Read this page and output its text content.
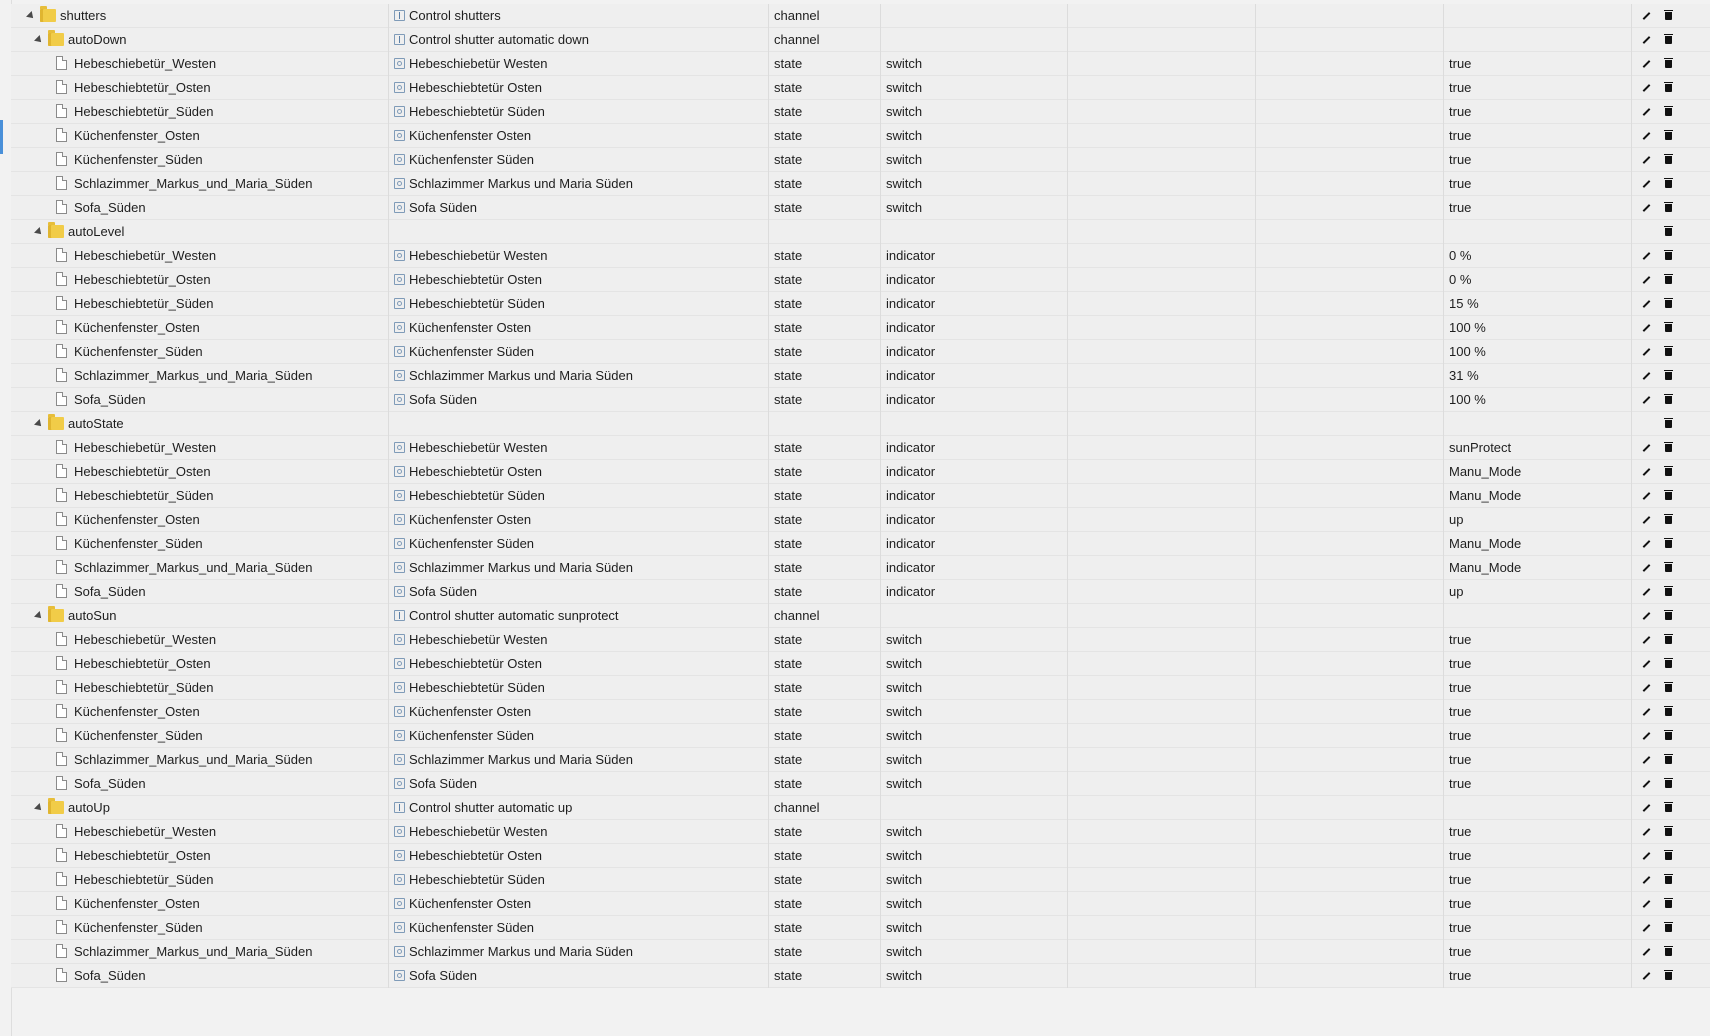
shutters	Control shutters	channel
autoDown	Control shutter automatic down	channel
Hebeschiebetür_Westen	Hebeschiebetür Westen	state	switch	true
Hebeschiebtetür_Osten	Hebeschiebtetür Osten	state	switch	true
Hebeschiebtetür_Süden	Hebeschiebtetür Süden	state	switch	true
Küchenfenster_Osten	Küchenfenster Osten	state	switch	true
Küchenfenster_Süden	Küchenfenster Süden	state	switch	true
Schlazimmer_Markus_und_Maria_Süden	Schlazimmer Markus und Maria Süden	state	switch	true
Sofa_Süden	Sofa Süden	state	switch	true
autoLevel
Hebeschiebetür_Westen	Hebeschiebetür Westen	state	indicator	0 %
Hebeschiebtetür_Osten	Hebeschiebtetür Osten	state	indicator	0 %
Hebeschiebtetür_Süden	Hebeschiebtetür Süden	state	indicator	15 %
Küchenfenster_Osten	Küchenfenster Osten	state	indicator	100 %
Küchenfenster_Süden	Küchenfenster Süden	state	indicator	100 %
Schlazimmer_Markus_und_Maria_Süden	Schlazimmer Markus und Maria Süden	state	indicator	31 %
Sofa_Süden	Sofa Süden	state	indicator	100 %
autoState
Hebeschiebetür_Westen	Hebeschiebetür Westen	state	indicator	sunProtect
Hebeschiebtetür_Osten	Hebeschiebtetür Osten	state	indicator	Manu_Mode
Hebeschiebtetür_Süden	Hebeschiebtetür Süden	state	indicator	Manu_Mode
Küchenfenster_Osten	Küchenfenster Osten	state	indicator	up
Küchenfenster_Süden	Küchenfenster Süden	state	indicator	Manu_Mode
Schlazimmer_Markus_und_Maria_Süden	Schlazimmer Markus und Maria Süden	state	indicator	Manu_Mode
Sofa_Süden	Sofa Süden	state	indicator	up
autoSun	Control shutter automatic sunprotect	channel
Hebeschiebetür_Westen	Hebeschiebetür Westen	state	switch	true
Hebeschiebtetür_Osten	Hebeschiebtetür Osten	state	switch	true
Hebeschiebtetür_Süden	Hebeschiebtetür Süden	state	switch	true
Küchenfenster_Osten	Küchenfenster Osten	state	switch	true
Küchenfenster_Süden	Küchenfenster Süden	state	switch	true
Schlazimmer_Markus_und_Maria_Süden	Schlazimmer Markus und Maria Süden	state	switch	true
Sofa_Süden	Sofa Süden	state	switch	true
autoUp	Control shutter automatic up	channel
Hebeschiebetür_Westen	Hebeschiebetür Westen	state	switch	true
Hebeschiebtetür_Osten	Hebeschiebtetür Osten	state	switch	true
Hebeschiebtetür_Süden	Hebeschiebtetür Süden	state	switch	true
Küchenfenster_Osten	Küchenfenster Osten	state	switch	true
Küchenfenster_Süden	Küchenfenster Süden	state	switch	true
Schlazimmer_Markus_und_Maria_Süden	Schlazimmer Markus und Maria Süden	state	switch	true
Sofa_Süden	Sofa Süden	state	switch	true
